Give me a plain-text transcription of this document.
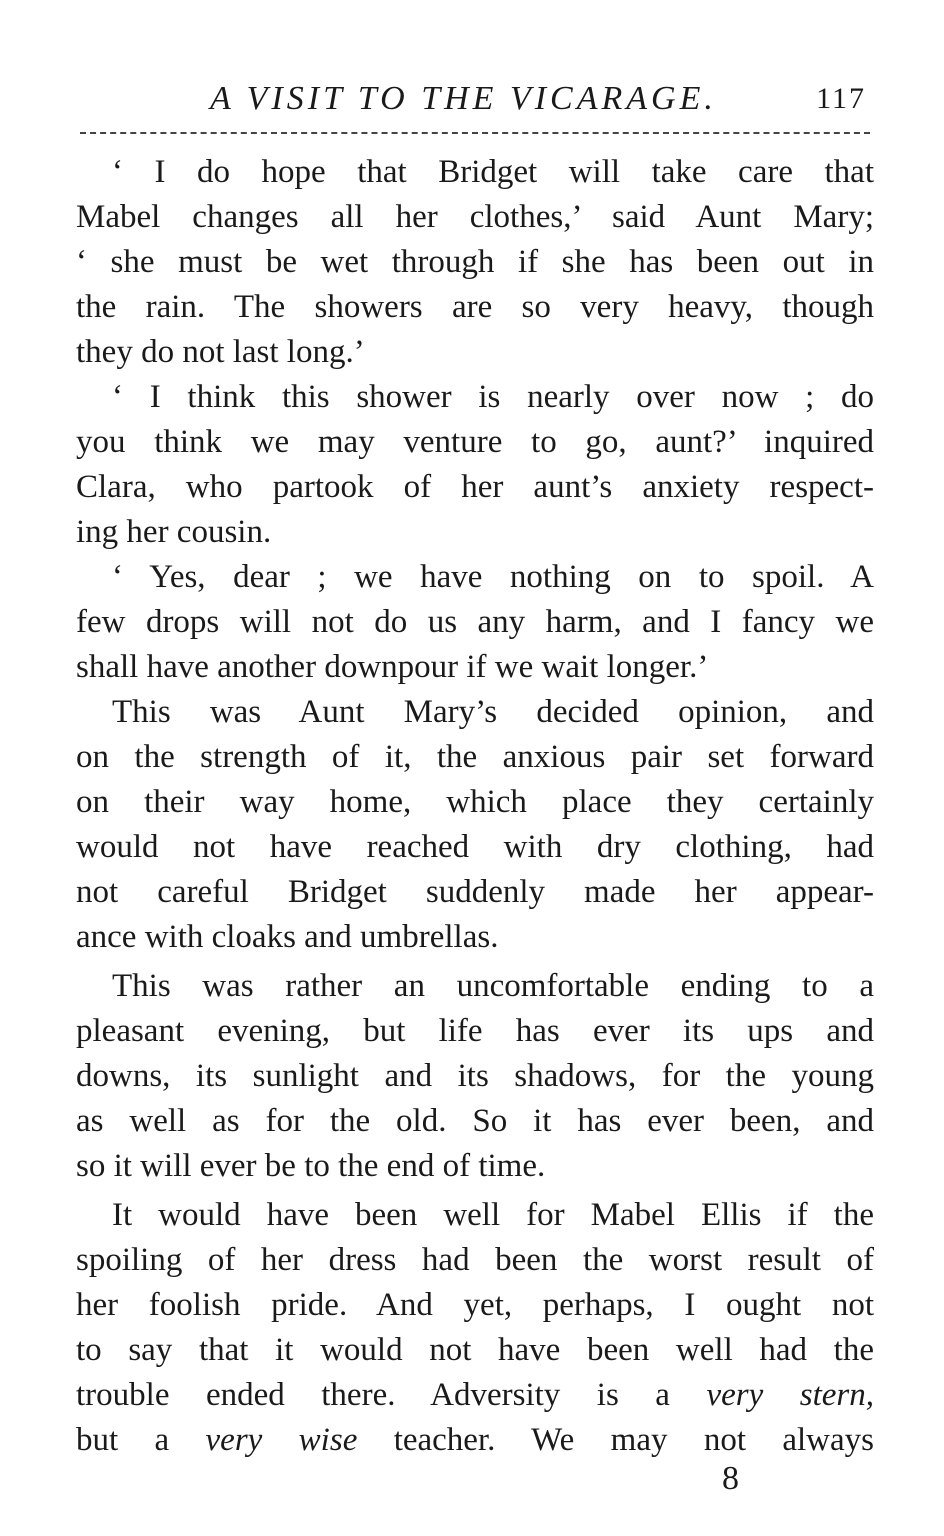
A VISIT TO THE VICARAGE.	117
‘ I do hope that Bridget will take care that
Mabel changes all her clothes,’ said Aunt Mary;
‘ she must be wet through if she has been out in
the rain. The showers are so very heavy, though
they do not last long.’
‘ I think this shower is nearly over now ; do
you think we may venture to go, aunt?’ inquired
Clara, who partook of her aunt’s anxiety respect-
ing her cousin.
‘ Yes, dear ; we have nothing on to spoil. A
few drops will not do us any harm, and I fancy we
shall have another downpour if we wait longer.’
This was Aunt Mary’s decided opinion, and
on the strength of it, the anxious pair set forward
on their way home, which place they certainly
would not have reached with dry clothing, had
not careful Bridget suddenly made her appear-
ance with cloaks and umbrellas.
This was rather an uncomfortable ending to a
pleasant evening, but life has ever its ups and
downs, its sunlight and its shadows, for the young
as well as for the old. So it has ever been, and
so it will ever be to the end of time.
It would have been well for Mabel Ellis if the
spoiling of her dress had been the worst result of
her foolish pride. And yet, perhaps, I ought not
to say that it would not have been well had the
trouble ended there. Adversity is a very stern,
but a very wise teacher. We may not always
8
